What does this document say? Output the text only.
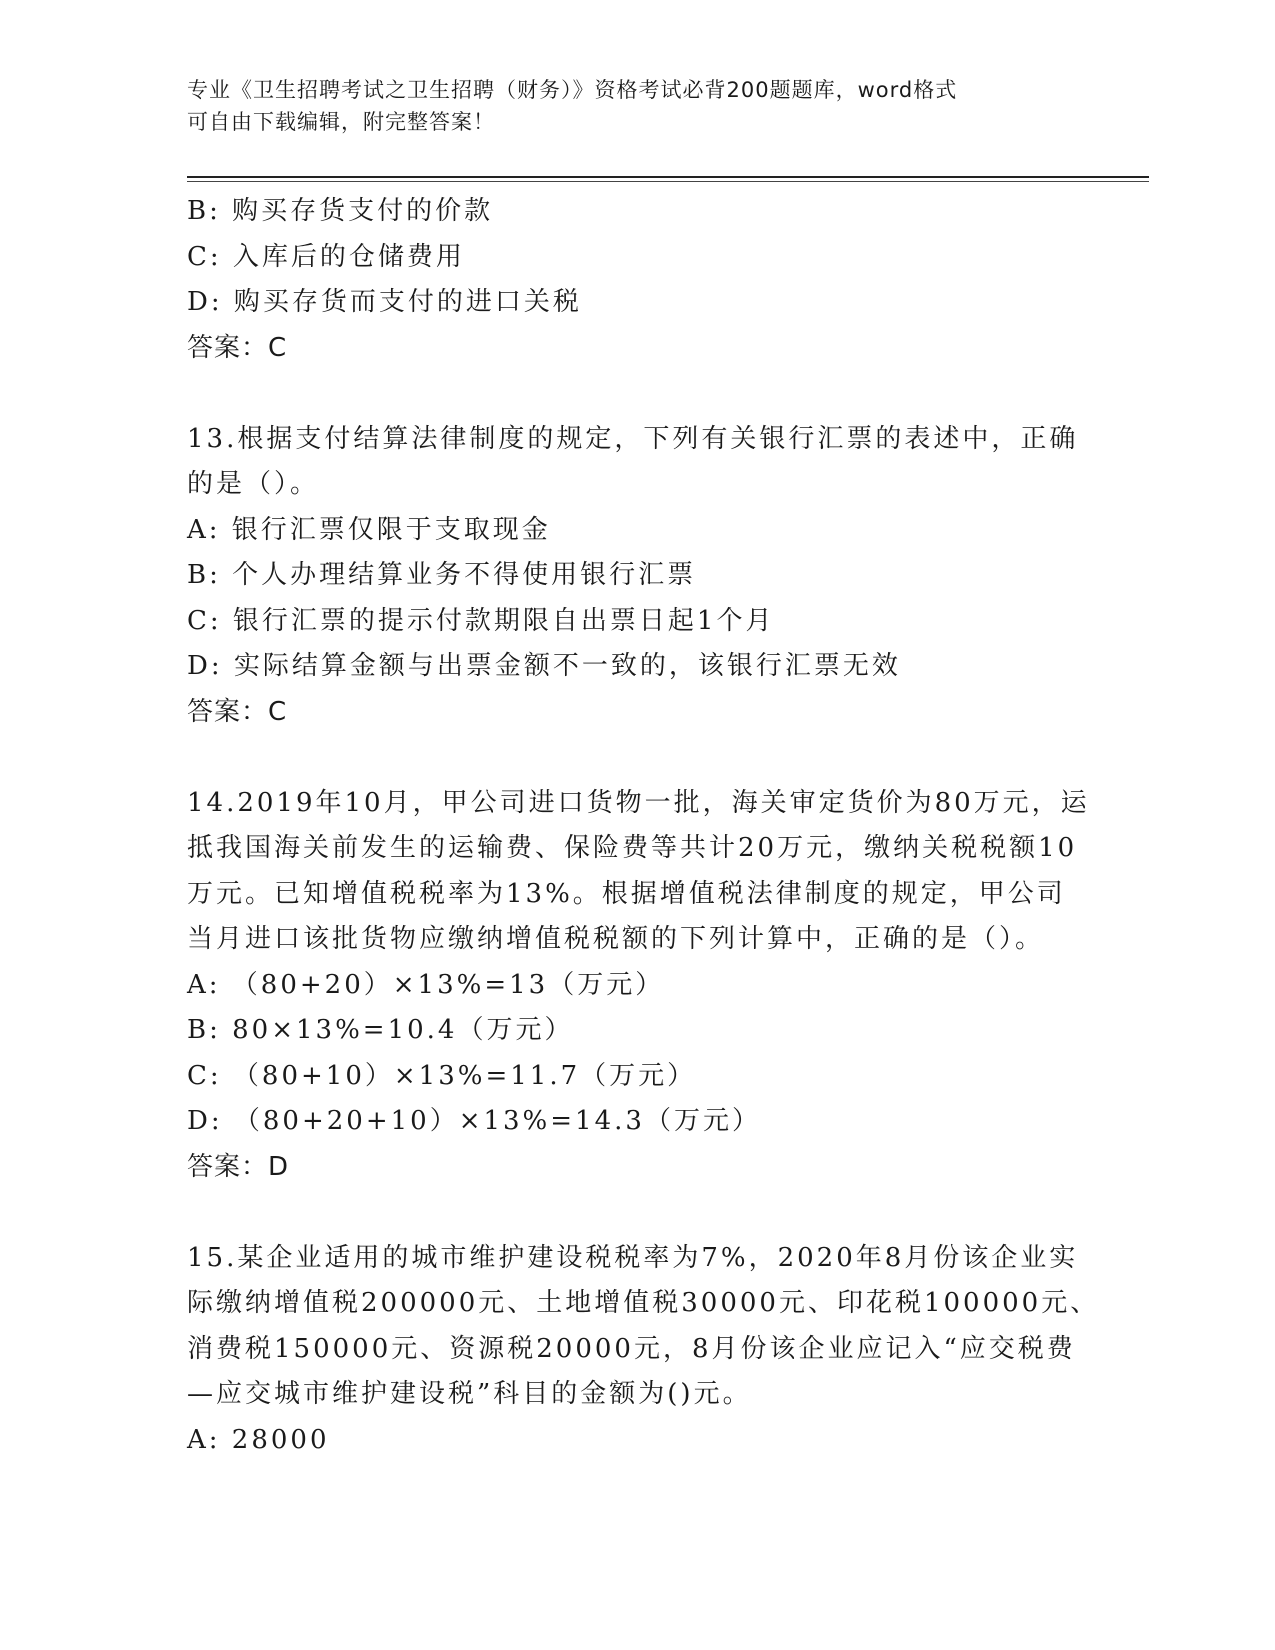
专业《卫生招聘考试之卫生招聘（财务）》资格考试必背200题题库，word格式
可自由下载编辑，附完整答案！
B: 购买存货支付的价款
C: 入库后的仓储费用
D: 购买存货而支付的进口关税
答案：C
13.根据支付结算法律制度的规定，下列有关银行汇票的表述中，正确
的是（）。
A: 银行汇票仅限于支取现金
B: 个人办理结算业务不得使用银行汇票
C: 银行汇票的提示付款期限自出票日起1个月
D: 实际结算金额与出票金额不一致的，该银行汇票无效
答案：C
14.2019年10月，甲公司进口货物一批，海关审定货价为80万元，运
抵我国海关前发生的运输费、保险费等共计20万元，缴纳关税税额10
万元。已知增值税税率为13%。根据增值税法律制度的规定，甲公司
当月进口该批货物应缴纳增值税税额的下列计算中，正确的是（）。
A: （80+20）×13%=13（万元）
B: 80×13%=10.4（万元）
C: （80+10）×13%=11.7（万元）
D: （80+20+10）×13%=14.3（万元）
答案：D
15.某企业适用的城市维护建设税税率为7%，2020年8月份该企业实
际缴纳增值税200000元、土地增值税30000元、印花税100000元、
消费税150000元、资源税20000元，8月份该企业应记入“应交税费
—应交城市维护建设税”科目的金额为()元。
A: 28000
